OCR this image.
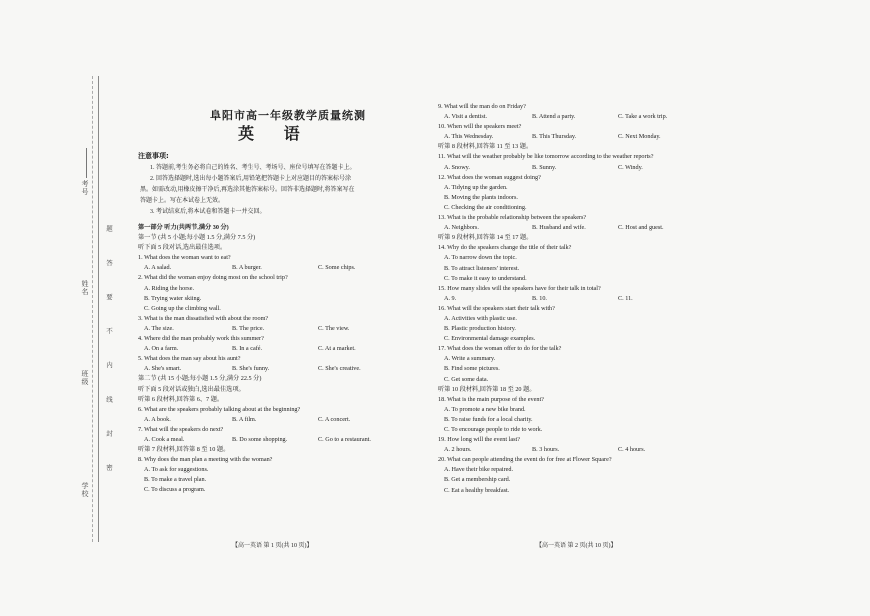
考号
题 答 要 不 内 线 封 密
姓名
班级
学校
阜阳市高一年级教学质量统测
英 语
注意事项:
1. 答题前,考生务必将自己的姓名、考生号、考场号、座位号填写在答题卡上。
2. 回答选择题时,选出每小题答案后,用铅笔把答题卡上对应题目的答案标号涂
黑。如需改动,用橡皮擦干净后,再选涂其他答案标号。回答非选择题时,将答案写在
答题卡上。写在本试卷上无效。
3. 考试结束后,将本试卷和答题卡一并交回。
第一部分 听力(共两节,满分 30 分)
第一节 (共 5 小题;每小题 1.5 分,满分 7.5 分)
听下面 5 段对话,选出最佳选项。
1. What does the woman want to eat?
A. A salad.	B. A burger.	C. Some chips.
2. What did the woman enjoy doing most on the school trip?
A. Riding the horse.
B. Trying water skiing.
C. Going up the climbing wall.
3. What is the man dissatisfied with about the room?
A. The size.	B. The price.	C. The view.
4. Where did the man probably work this summer?
A. On a farm.	B. In a café.	C. At a market.
5. What does the man say about his aunt?
A. She's smart.	B. She's funny.	C. She's creative.
第二节 (共 15 小题;每小题 1.5 分,满分 22.5 分)
听下面 5 段对话或独白,选出最佳选项。
听第 6 段材料,回答第 6、7 题。
6. What are the speakers probably talking about at the beginning?
A. A book.	B. A film.	C. A concert.
7. What will the speakers do next?
A. Cook a meal.	B. Do some shopping.	C. Go to a restaurant.
听第 7 段材料,回答第 8 至 10 题。
8. Why does the man plan a meeting with the woman?
A. To ask for suggestions.
B. To make a travel plan.
C. To discuss a program.
9. What will the man do on Friday?
A. Visit a dentist.	B. Attend a party.	C. Take a work trip.
10. When will the speakers meet?
A. This Wednesday.	B. This Thursday.	C. Next Monday.
听第 8 段材料,回答第 11 至 13 题。
11. What will the weather probably be like tomorrow according to the weather reports?
A. Snowy.	B. Sunny.	C. Windy.
12. What does the woman suggest doing?
A. Tidying up the garden.
B. Moving the plants indoors.
C. Checking the air conditioning.
13. What is the probable relationship between the speakers?
A. Neighbors.	B. Husband and wife.	C. Host and guest.
听第 9 段材料,回答第 14 至 17 题。
14. Why do the speakers change the title of their talk?
A. To narrow down the topic.
B. To attract listeners' interest.
C. To make it easy to understand.
15. How many slides will the speakers have for their talk in total?
A. 9.	B. 10.	C. 11.
16. What will the speakers start their talk with?
A. Activities with plastic use.
B. Plastic production history.
C. Environmental damage examples.
17. What does the woman offer to do for the talk?
A. Write a summary.
B. Find some pictures.
C. Get some data.
听第 10 段材料,回答第 18 至 20 题。
18. What is the main purpose of the event?
A. To promote a new bike brand.
B. To raise funds for a local charity.
C. To encourage people to ride to work.
19. How long will the event last?
A. 2 hours.	B. 3 hours.	C. 4 hours.
20. What can people attending the event do for free at Flower Square?
A. Have their bike repaired.
B. Get a membership card.
C. Eat a healthy breakfast.
【高一英语 第 1 页(共 10 页)】	【高一英语 第 2 页(共 10 页)】
